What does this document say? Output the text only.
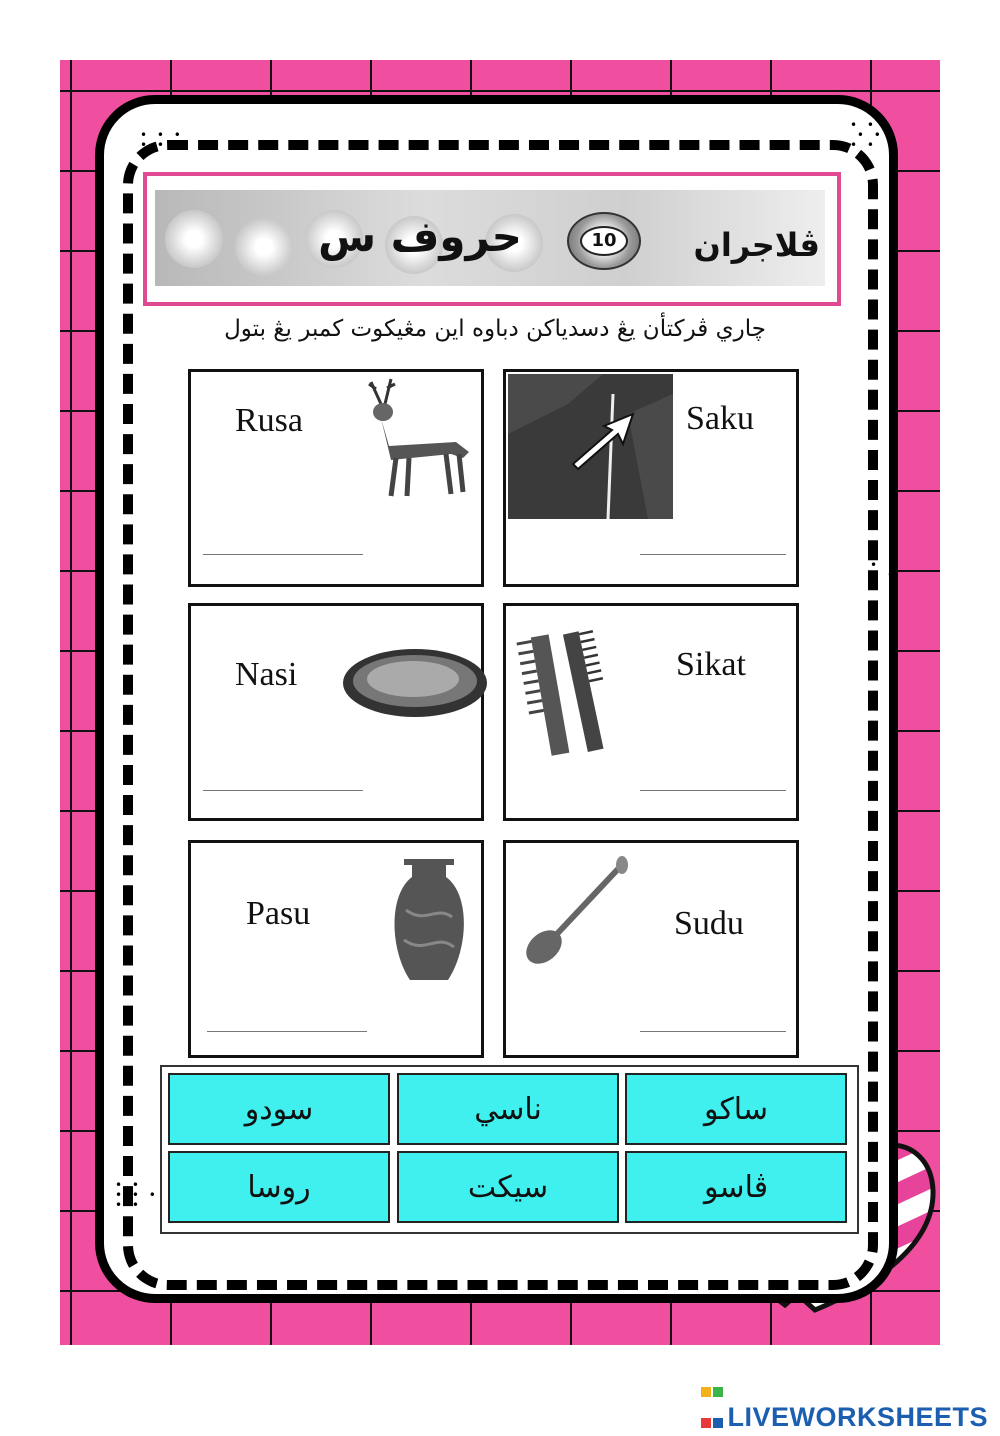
• • •
• •
• • •
• •
• •
• •
• • •
• •
•
• •
•
حروف س	10	ڤلاجران
چاري ڤركتأن يڠ دسدياكن دباوه اين مڠيكوت كمبر يڠ بتول
Rusa	Saku
Nasi	Sikat
Pasu	Sudu
سودو	ناسي	ساكو
روسا	سيكت	ڤاسو

LIVEWORKSHEETS
